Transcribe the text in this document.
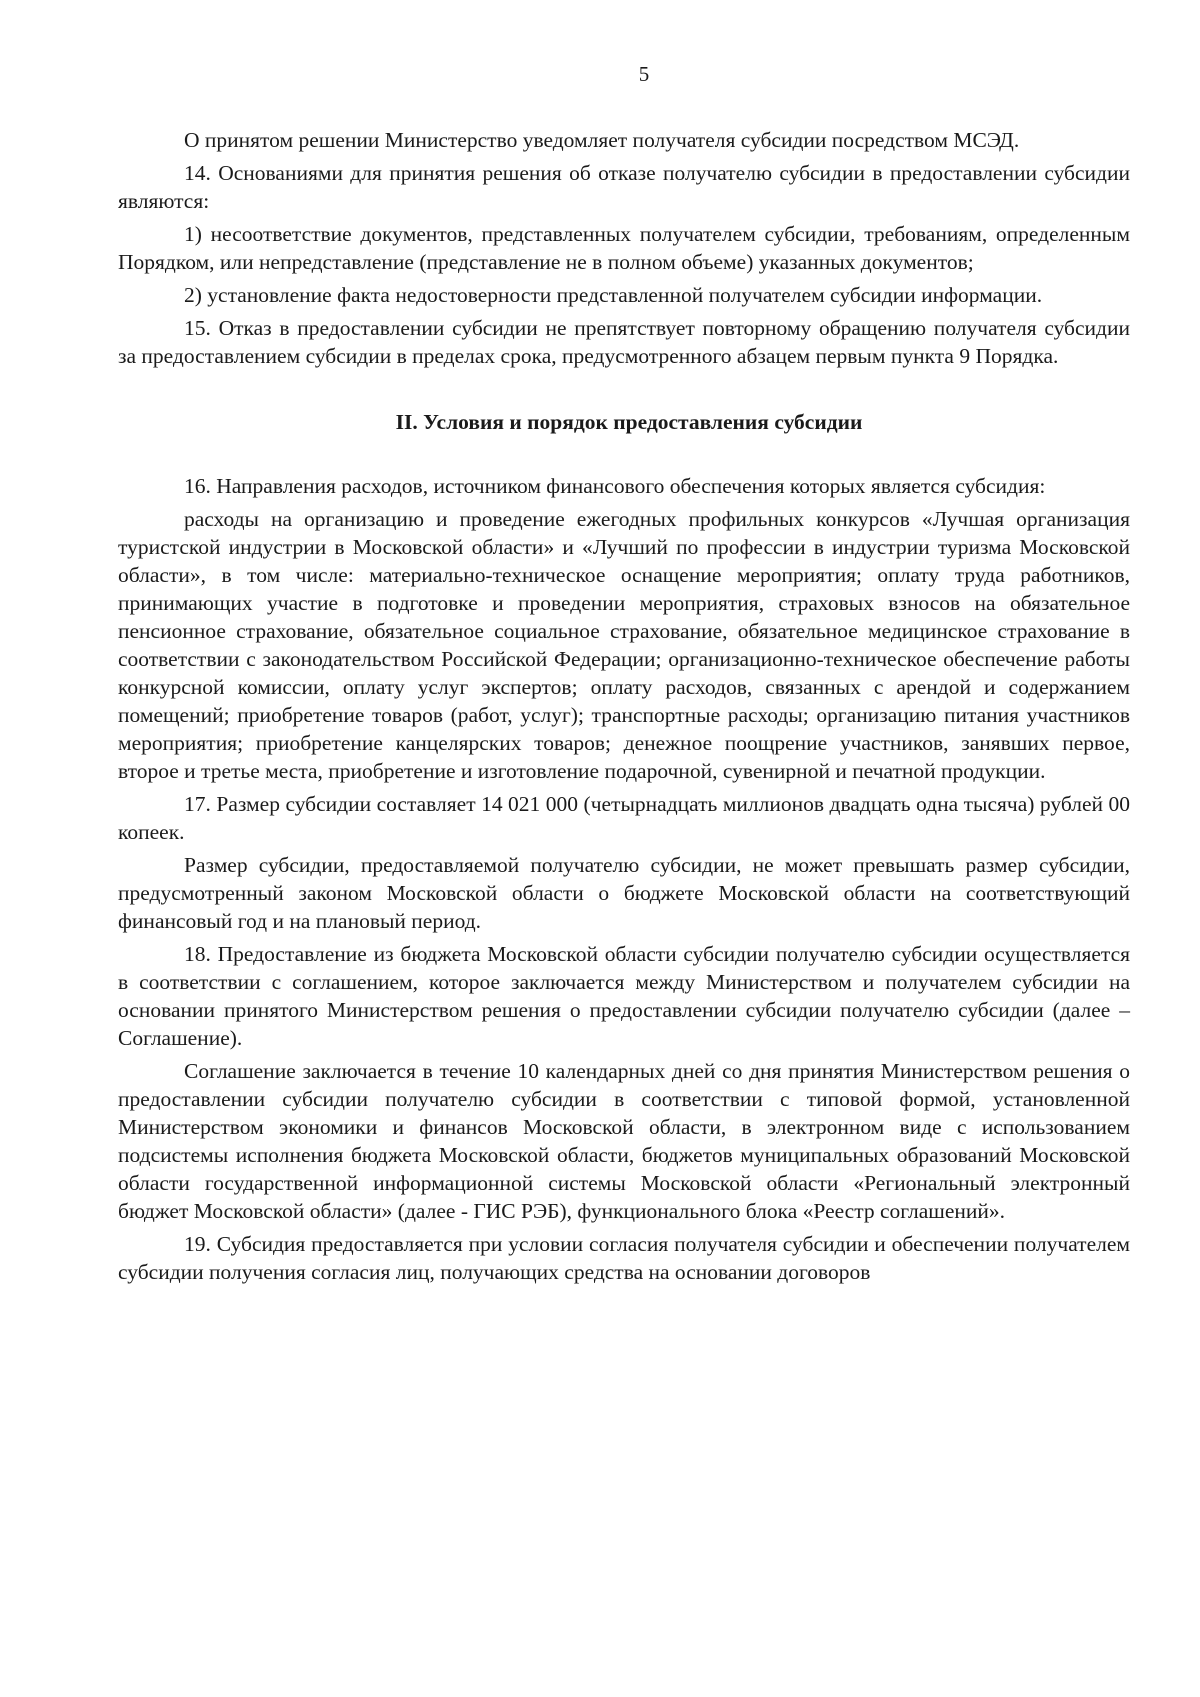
5

О принятом решении Министерство уведомляет получателя субсидии посредством МСЭД.

14. Основаниями для принятия решения об отказе получателю субсидии в предоставлении субсидии являются:

1) несоответствие документов, представленных получателем субсидии, требованиям, определенным Порядком, или непредставление (представление не в полном объеме) указанных документов;

2) установление факта недостоверности представленной получателем субсидии информации.

15. Отказ в предоставлении субсидии не препятствует повторному обращению получателя субсидии за предоставлением субсидии в пределах срока, предусмотренного абзацем первым пункта 9 Порядка.

II. Условия и порядок предоставления субсидии

16. Направления расходов, источником финансового обеспечения которых является субсидия:

расходы на организацию и проведение ежегодных профильных конкурсов «Лучшая организация туристской индустрии в Московской области» и «Лучший по профессии в индустрии туризма Московской области», в том числе: материально-техническое оснащение мероприятия; оплату труда работников, принимающих участие в подготовке и проведении мероприятия, страховых взносов на обязательное пенсионное страхование, обязательное социальное страхование, обязательное медицинское страхование в соответствии с законодательством Российской Федерации; организационно-техническое обеспечение работы конкурсной комиссии, оплату услуг экспертов; оплату расходов, связанных с арендой и содержанием помещений; приобретение товаров (работ, услуг); транспортные расходы; организацию питания участников мероприятия; приобретение канцелярских товаров; денежное поощрение участников, занявших первое, второе и третье места, приобретение и изготовление подарочной, сувенирной и печатной продукции.

17. Размер субсидии составляет 14 021 000 (четырнадцать миллионов двадцать одна тысяча) рублей 00 копеек.

Размер субсидии, предоставляемой получателю субсидии, не может превышать размер субсидии, предусмотренный законом Московской области о бюджете Московской области на соответствующий финансовый год и на плановый период.

18. Предоставление из бюджета Московской области субсидии получателю субсидии осуществляется в соответствии с соглашением, которое заключается между Министерством и получателем субсидии на основании принятого Министерством решения о предоставлении субсидии получателю субсидии (далее – Соглашение).

Соглашение заключается в течение 10 календарных дней со дня принятия Министерством решения о предоставлении субсидии получателю субсидии в соответствии с типовой формой, установленной Министерством экономики и финансов Московской области, в электронном виде с использованием подсистемы исполнения бюджета Московской области, бюджетов муниципальных образований Московской области государственной информационной системы Московской области «Региональный электронный бюджет Московской области» (далее - ГИС РЭБ), функционального блока «Реестр соглашений».

19. Субсидия предоставляется при условии согласия получателя субсидии и обеспечении получателем субсидии получения согласия лиц, получающих средства на основании договоров
